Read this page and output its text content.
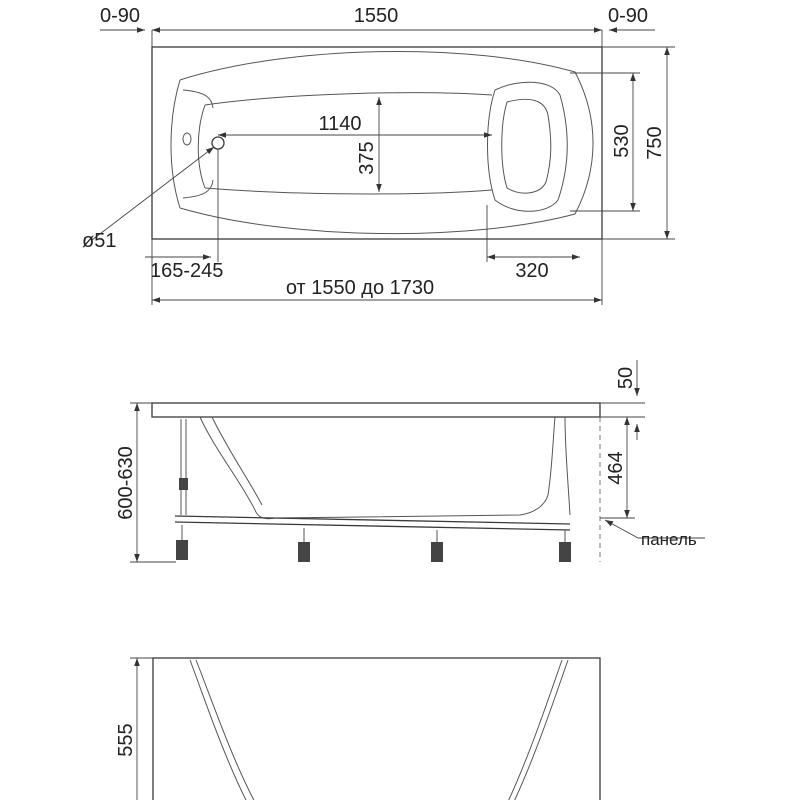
0-90	1550	0-90
1140
375
530 750
ø51
165-245	320
от 1550 до 1730
50
464
600-630
панель
555
